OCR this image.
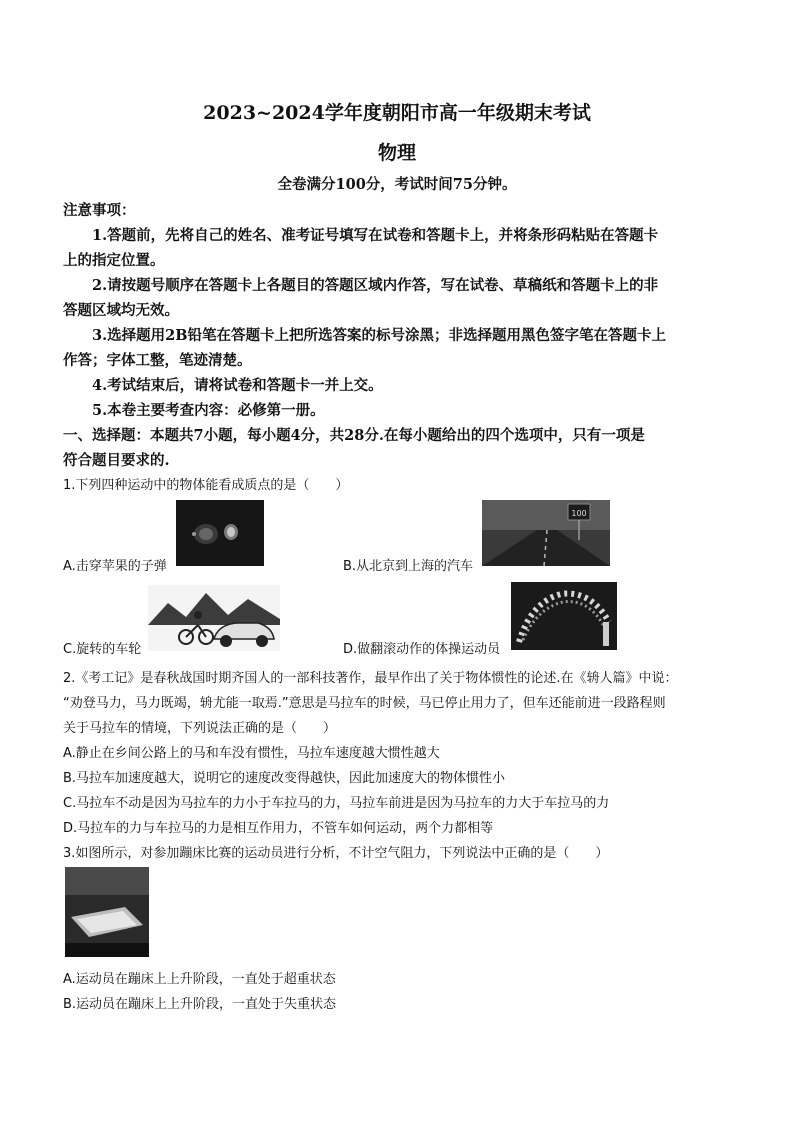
2023~2024学年度朝阳市高一年级期末考试
物理
全卷满分100分，考试时间75分钟。
注意事项：
1.答题前，先将自己的姓名、准考证号填写在试卷和答题卡上，并将条形码粘贴在答题卡
上的指定位置。
2.请按题号顺序在答题卡上各题目的答题区域内作答，写在试卷、草稿纸和答题卡上的非
答题区域均无效。
3.选择题用2B铅笔在答题卡上把所选答案的标号涂黑；非选择题用黑色签字笔在答题卡上
作答；字体工整，笔迹清楚。
4.考试结束后，请将试卷和答题卡一并上交。
5.本卷主要考查内容：必修第一册。
一、选择题：本题共7小题，每小题4分，共28分.在每小题给出的四个选项中，只有一项是
符合题目要求的.
1.下列四种运动中的物体能看成质点的是（　　）
A.击穿苹果的子弹
100
B.从北京到上海的汽车
C.旋转的车轮	D.做翻滚动作的体操运动员
2.《考工记》是春秋战国时期齐国人的一部科技著作，最早作出了关于物体惯性的论述.在《辀人篇》中说：
“劝登马力，马力既竭，辀尤能一取焉.”意思是马拉车的时候，马已停止用力了，但车还能前进一段路程则
关于马拉车的情境，下列说法正确的是（　　）
A.静止在乡间公路上的马和车没有惯性，马拉车速度越大惯性越大
B.马拉车加速度越大，说明它的速度改变得越快，因此加速度大的物体惯性小
C.马拉车不动是因为马拉车的力小于车拉马的力，马拉车前进是因为马拉车的力大于车拉马的力
D.马拉车的力与车拉马的力是相互作用力，不管车如何运动，两个力都相等
3.如图所示，对参加蹦床比赛的运动员进行分析，不计空气阻力，下列说法中正确的是（　　）
A.运动员在蹦床上上升阶段，一直处于超重状态
B.运动员在蹦床上上升阶段，一直处于失重状态
